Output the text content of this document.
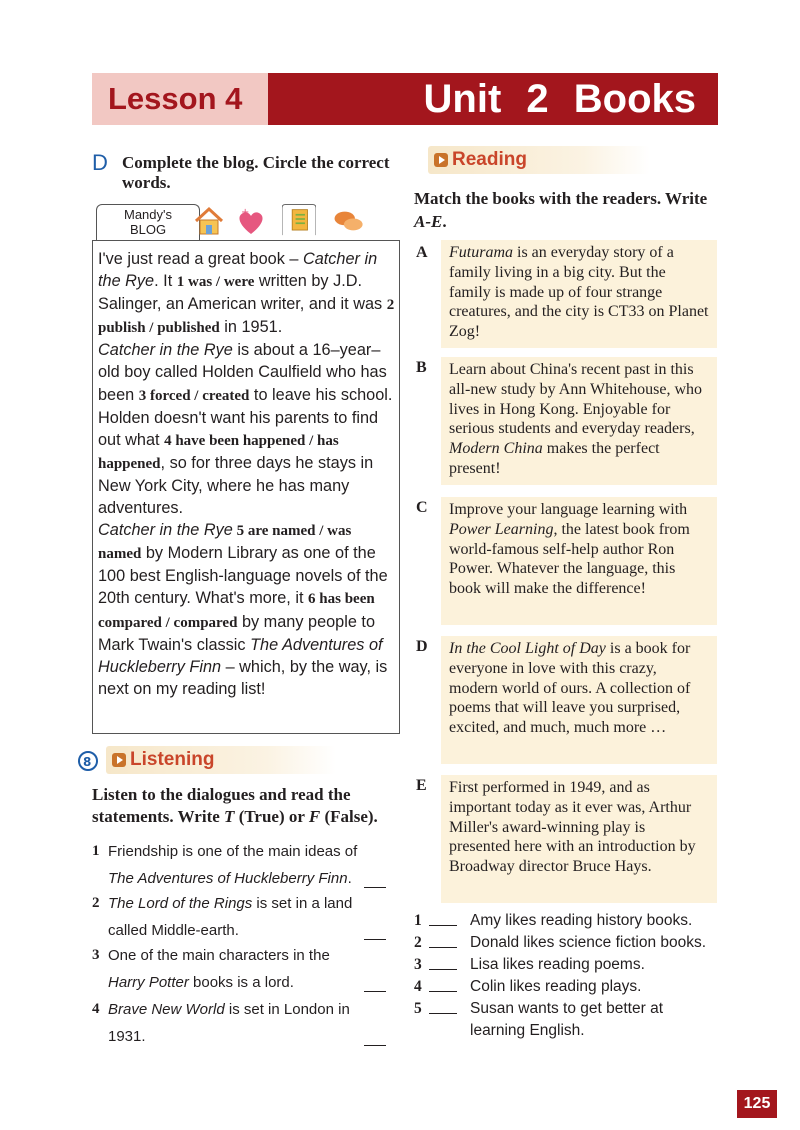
Lesson 4	Unit 2 Books
D Complete the blog. Circle the correct words.
Mandy's
BLOG
+

I've just read a great book – Catcher in the Rye. It 1 was / were written by J.D. Salinger, an American writer, and it was 2 publish / published in 1951.

Catcher in the Rye is about a 16–year–old boy called Holden Caulfield who has been 3 forced / created to leave his school. Holden doesn't want his parents to find out what 4 have been happened / has happened, so for three days he stays in New York City, where he has many adventures.

Catcher in the Rye 5 are named / was named by Modern Library as one of the 100 best English-language novels of the 20th century. What's more, it 6 has been compared / compared by many people to Mark Twain's classic The Adventures of Huckleberry Finn – which, by the way, is next on my reading list!

8 Listening
Listen to the dialogues and read the statements. Write T (True) or F (False).
1 Friendship is one of the main ideas of The Adventures of Huckleberry Finn.
2 The Lord of the Rings is set in a land called Middle-earth.
3 One of the main characters in the Harry Potter books is a lord.
4 Brave New World is set in London in 1931.
Reading
Match the books with the readers. Write A-E.
A	Futurama is an everyday story of a family living in a big city. But the family is made up of four strange creatures, and the city is CT33 on Planet Zog!
B	Learn about China's recent past in this all-new study by Ann Whitehouse, who lives in Hong Kong. Enjoyable for serious students and everyday readers, Modern China makes the perfect present!
C	Improve your language learning with Power Learning, the latest book from world-famous self-help author Ron Power. Whatever the language, this book will make the difference!
D	In the Cool Light of Day is a book for everyone in love with this crazy, modern world of ours. A collection of poems that will leave you surprised, excited, and much, much more …
E	First performed in 1949, and as important today as it ever was, Arthur Miller's award-winning play is presented here with an introduction by Broadway director Bruce Hays.
1	Amy likes reading history books.
2	Donald likes science fiction books.
3	Lisa likes reading poems.
4	Colin likes reading plays.
5	Susan wants to get better at learning English.
125
